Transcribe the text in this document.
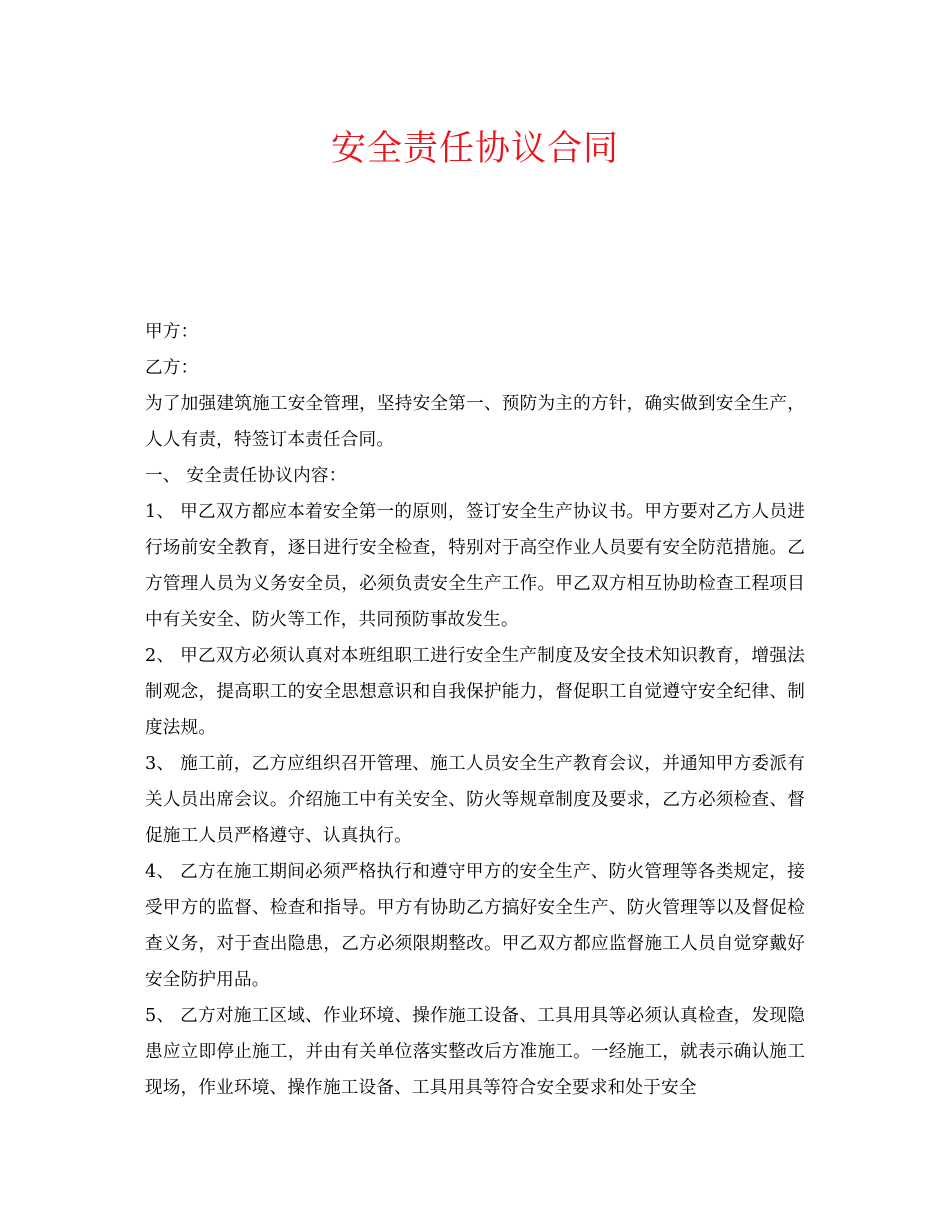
安全责任协议合同

甲方：

乙方：

为了加强建筑施工安全管理，坚持安全第一、预防为主的方针，确实做到安全生产，人人有责，特签订本责任合同。

一、 安全责任协议内容：

1、 甲乙双方都应本着安全第一的原则，签订安全生产协议书。甲方要对乙方人员进行场前安全教育，逐日进行安全检查，特别对于高空作业人员要有安全防范措施。乙方管理人员为义务安全员，必须负责安全生产工作。甲乙双方相互协助检查工程项目中有关安全、防火等工作，共同预防事故发生。

2、 甲乙双方必须认真对本班组职工进行安全生产制度及安全技术知识教育，增强法制观念，提高职工的安全思想意识和自我保护能力，督促职工自觉遵守安全纪律、制度法规。

3、 施工前，乙方应组织召开管理、施工人员安全生产教育会议，并通知甲方委派有关人员出席会议。介绍施工中有关安全、防火等规章制度及要求，乙方必须检查、督促施工人员严格遵守、认真执行。

4、 乙方在施工期间必须严格执行和遵守甲方的安全生产、防火管理等各类规定，接受甲方的监督、检查和指导。甲方有协助乙方搞好安全生产、防火管理等以及督促检查义务，对于查出隐患，乙方必须限期整改。甲乙双方都应监督施工人员自觉穿戴好安全防护用品。

5、 乙方对施工区域、作业环境、操作施工设备、工具用具等必须认真检查，发现隐患应立即停止施工，并由有关单位落实整改后方准施工。一经施工，就表示确认施工现场，作业环境、操作施工设备、工具用具等符合安全要求和处于安全
